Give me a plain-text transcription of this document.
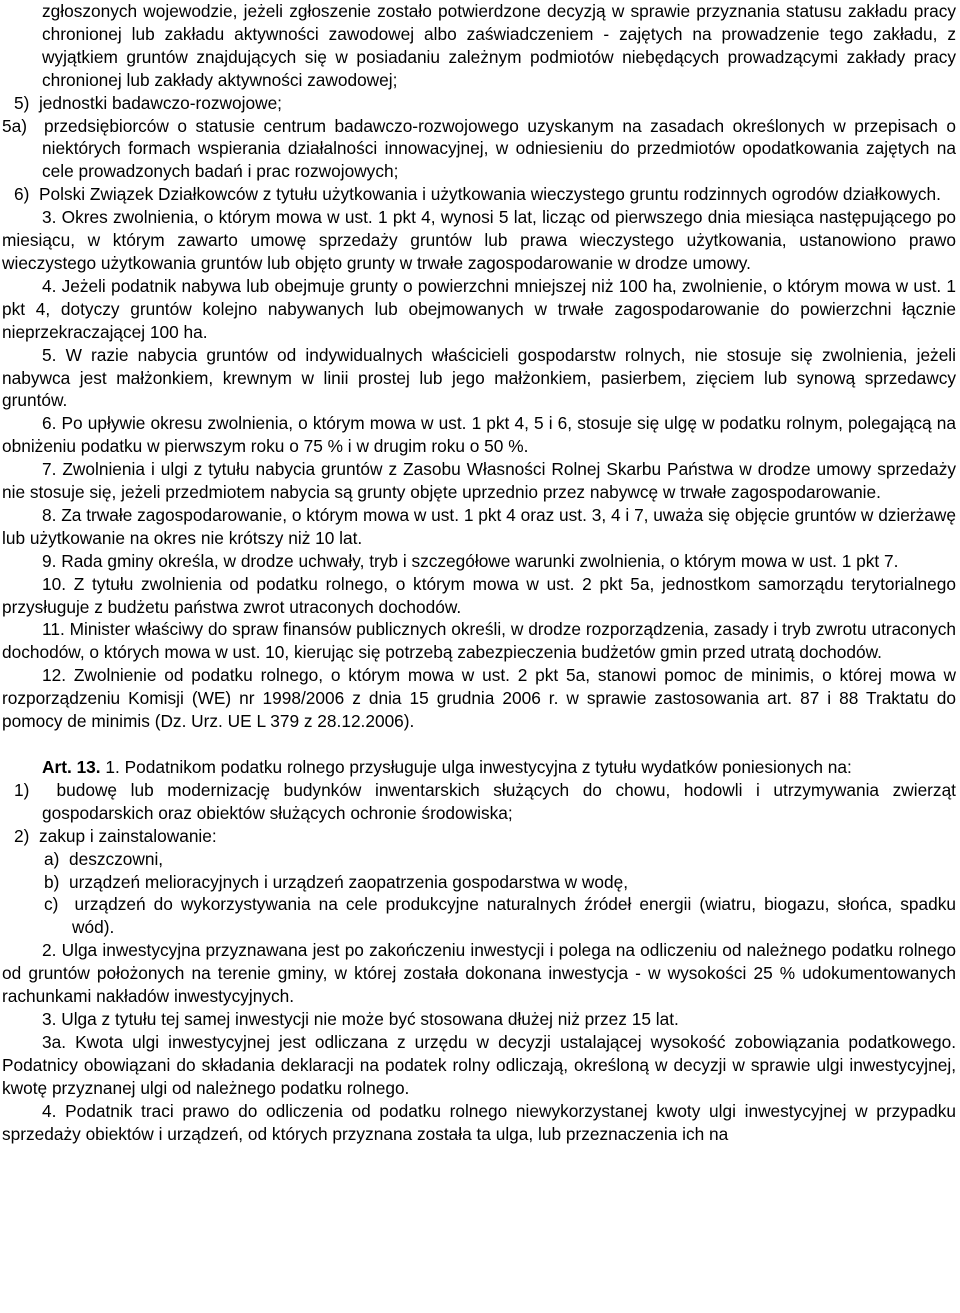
zgłoszonych wojewodzie, jeżeli zgłoszenie zostało potwierdzone decyzją w sprawie przyznania statusu zakładu pracy chronionej lub zakładu aktywności zawodowej albo zaświadczeniem - zajętych na prowadzenie tego zakładu, z wyjątkiem gruntów znajdujących się w posiadaniu zależnym podmiotów niebędących prowadzącymi zakłady pracy chronionej lub zakłady aktywności zawodowej;

5)  jednostki badawczo-rozwojowe;

5a)  przedsiębiorców o statusie centrum badawczo-rozwojowego uzyskanym na zasadach określonych w przepisach o niektórych formach wspierania działalności innowacyjnej, w odniesieniu do przedmiotów opodatkowania zajętych na cele prowadzonych badań i prac rozwojowych;

6)  Polski Związek Działkowców z tytułu użytkowania i użytkowania wieczystego gruntu rodzinnych ogrodów działkowych.

3. Okres zwolnienia, o którym mowa w ust. 1 pkt 4, wynosi 5 lat, licząc od pierwszego dnia miesiąca następującego po miesiącu, w którym zawarto umowę sprzedaży gruntów lub prawa wieczystego użytkowania, ustanowiono prawo wieczystego użytkowania gruntów lub objęto grunty w trwałe zagospodarowanie w drodze umowy.

4. Jeżeli podatnik nabywa lub obejmuje grunty o powierzchni mniejszej niż 100 ha, zwolnienie, o którym mowa w ust. 1 pkt 4, dotyczy gruntów kolejno nabywanych lub obejmowanych w trwałe zagospodarowanie do powierzchni łącznie nieprzekraczającej 100 ha.

5. W razie nabycia gruntów od indywidualnych właścicieli gospodarstw rolnych, nie stosuje się zwolnienia, jeżeli nabywca jest małżonkiem, krewnym w linii prostej lub jego małżonkiem, pasierbem, zięciem lub synową sprzedawcy gruntów.

6. Po upływie okresu zwolnienia, o którym mowa w ust. 1 pkt 4, 5 i 6, stosuje się ulgę w podatku rolnym, polegającą na obniżeniu podatku w pierwszym roku o 75 % i w drugim roku o 50 %.

7. Zwolnienia i ulgi z tytułu nabycia gruntów z Zasobu Własności Rolnej Skarbu Państwa w drodze umowy sprzedaży nie stosuje się, jeżeli przedmiotem nabycia są grunty objęte uprzednio przez nabywcę w trwałe zagospodarowanie.

8. Za trwałe zagospodarowanie, o którym mowa w ust. 1 pkt 4 oraz ust. 3, 4 i 7, uważa się objęcie gruntów w dzierżawę lub użytkowanie na okres nie krótszy niż 10 lat.

9. Rada gminy określa, w drodze uchwały, tryb i szczegółowe warunki zwolnienia, o którym mowa w ust. 1 pkt 7.

10. Z tytułu zwolnienia od podatku rolnego, o którym mowa w ust. 2 pkt 5a, jednostkom samorządu terytorialnego przysługuje z budżetu państwa zwrot utraconych dochodów.

11. Minister właściwy do spraw finansów publicznych określi, w drodze rozporządzenia, zasady i tryb zwrotu utraconych dochodów, o których mowa w ust. 10, kierując się potrzebą zabezpieczenia budżetów gmin przed utratą dochodów.

12. Zwolnienie od podatku rolnego, o którym mowa w ust. 2 pkt 5a, stanowi pomoc de minimis, o której mowa w rozporządzeniu Komisji (WE) nr 1998/2006 z dnia 15 grudnia 2006 r. w sprawie zastosowania art. 87 i 88 Traktatu do pomocy de minimis (Dz. Urz. UE L 379 z 28.12.2006).

Art. 13. 1. Podatnikom podatku rolnego przysługuje ulga inwestycyjna z tytułu wydatków poniesionych na:

1)  budowę lub modernizację budynków inwentarskich służących do chowu, hodowli i utrzymywania zwierząt gospodarskich oraz obiektów służących ochronie środowiska;

2)  zakup i zainstalowanie:

a)  deszczowni,

b)  urządzeń melioracyjnych i urządzeń zaopatrzenia gospodarstwa w wodę,

c)  urządzeń do wykorzystywania na cele produkcyjne naturalnych źródeł energii (wiatru, biogazu, słońca, spadku wód).

2. Ulga inwestycyjna przyznawana jest po zakończeniu inwestycji i polega na odliczeniu od należnego podatku rolnego od gruntów położonych na terenie gminy, w której została dokonana inwestycja - w wysokości 25 % udokumentowanych rachunkami nakładów inwestycyjnych.

3. Ulga z tytułu tej samej inwestycji nie może być stosowana dłużej niż przez 15 lat.

3a. Kwota ulgi inwestycyjnej jest odliczana z urzędu w decyzji ustalającej wysokość zobowiązania podatkowego. Podatnicy obowiązani do składania deklaracji na podatek rolny odliczają, określoną w decyzji w sprawie ulgi inwestycyjnej, kwotę przyznanej ulgi od należnego podatku rolnego.

4. Podatnik traci prawo do odliczenia od podatku rolnego niewykorzystanej kwoty ulgi inwestycyjnej w przypadku sprzedaży obiektów i urządzeń, od których przyznana została ta ulga, lub przeznaczenia ich na
